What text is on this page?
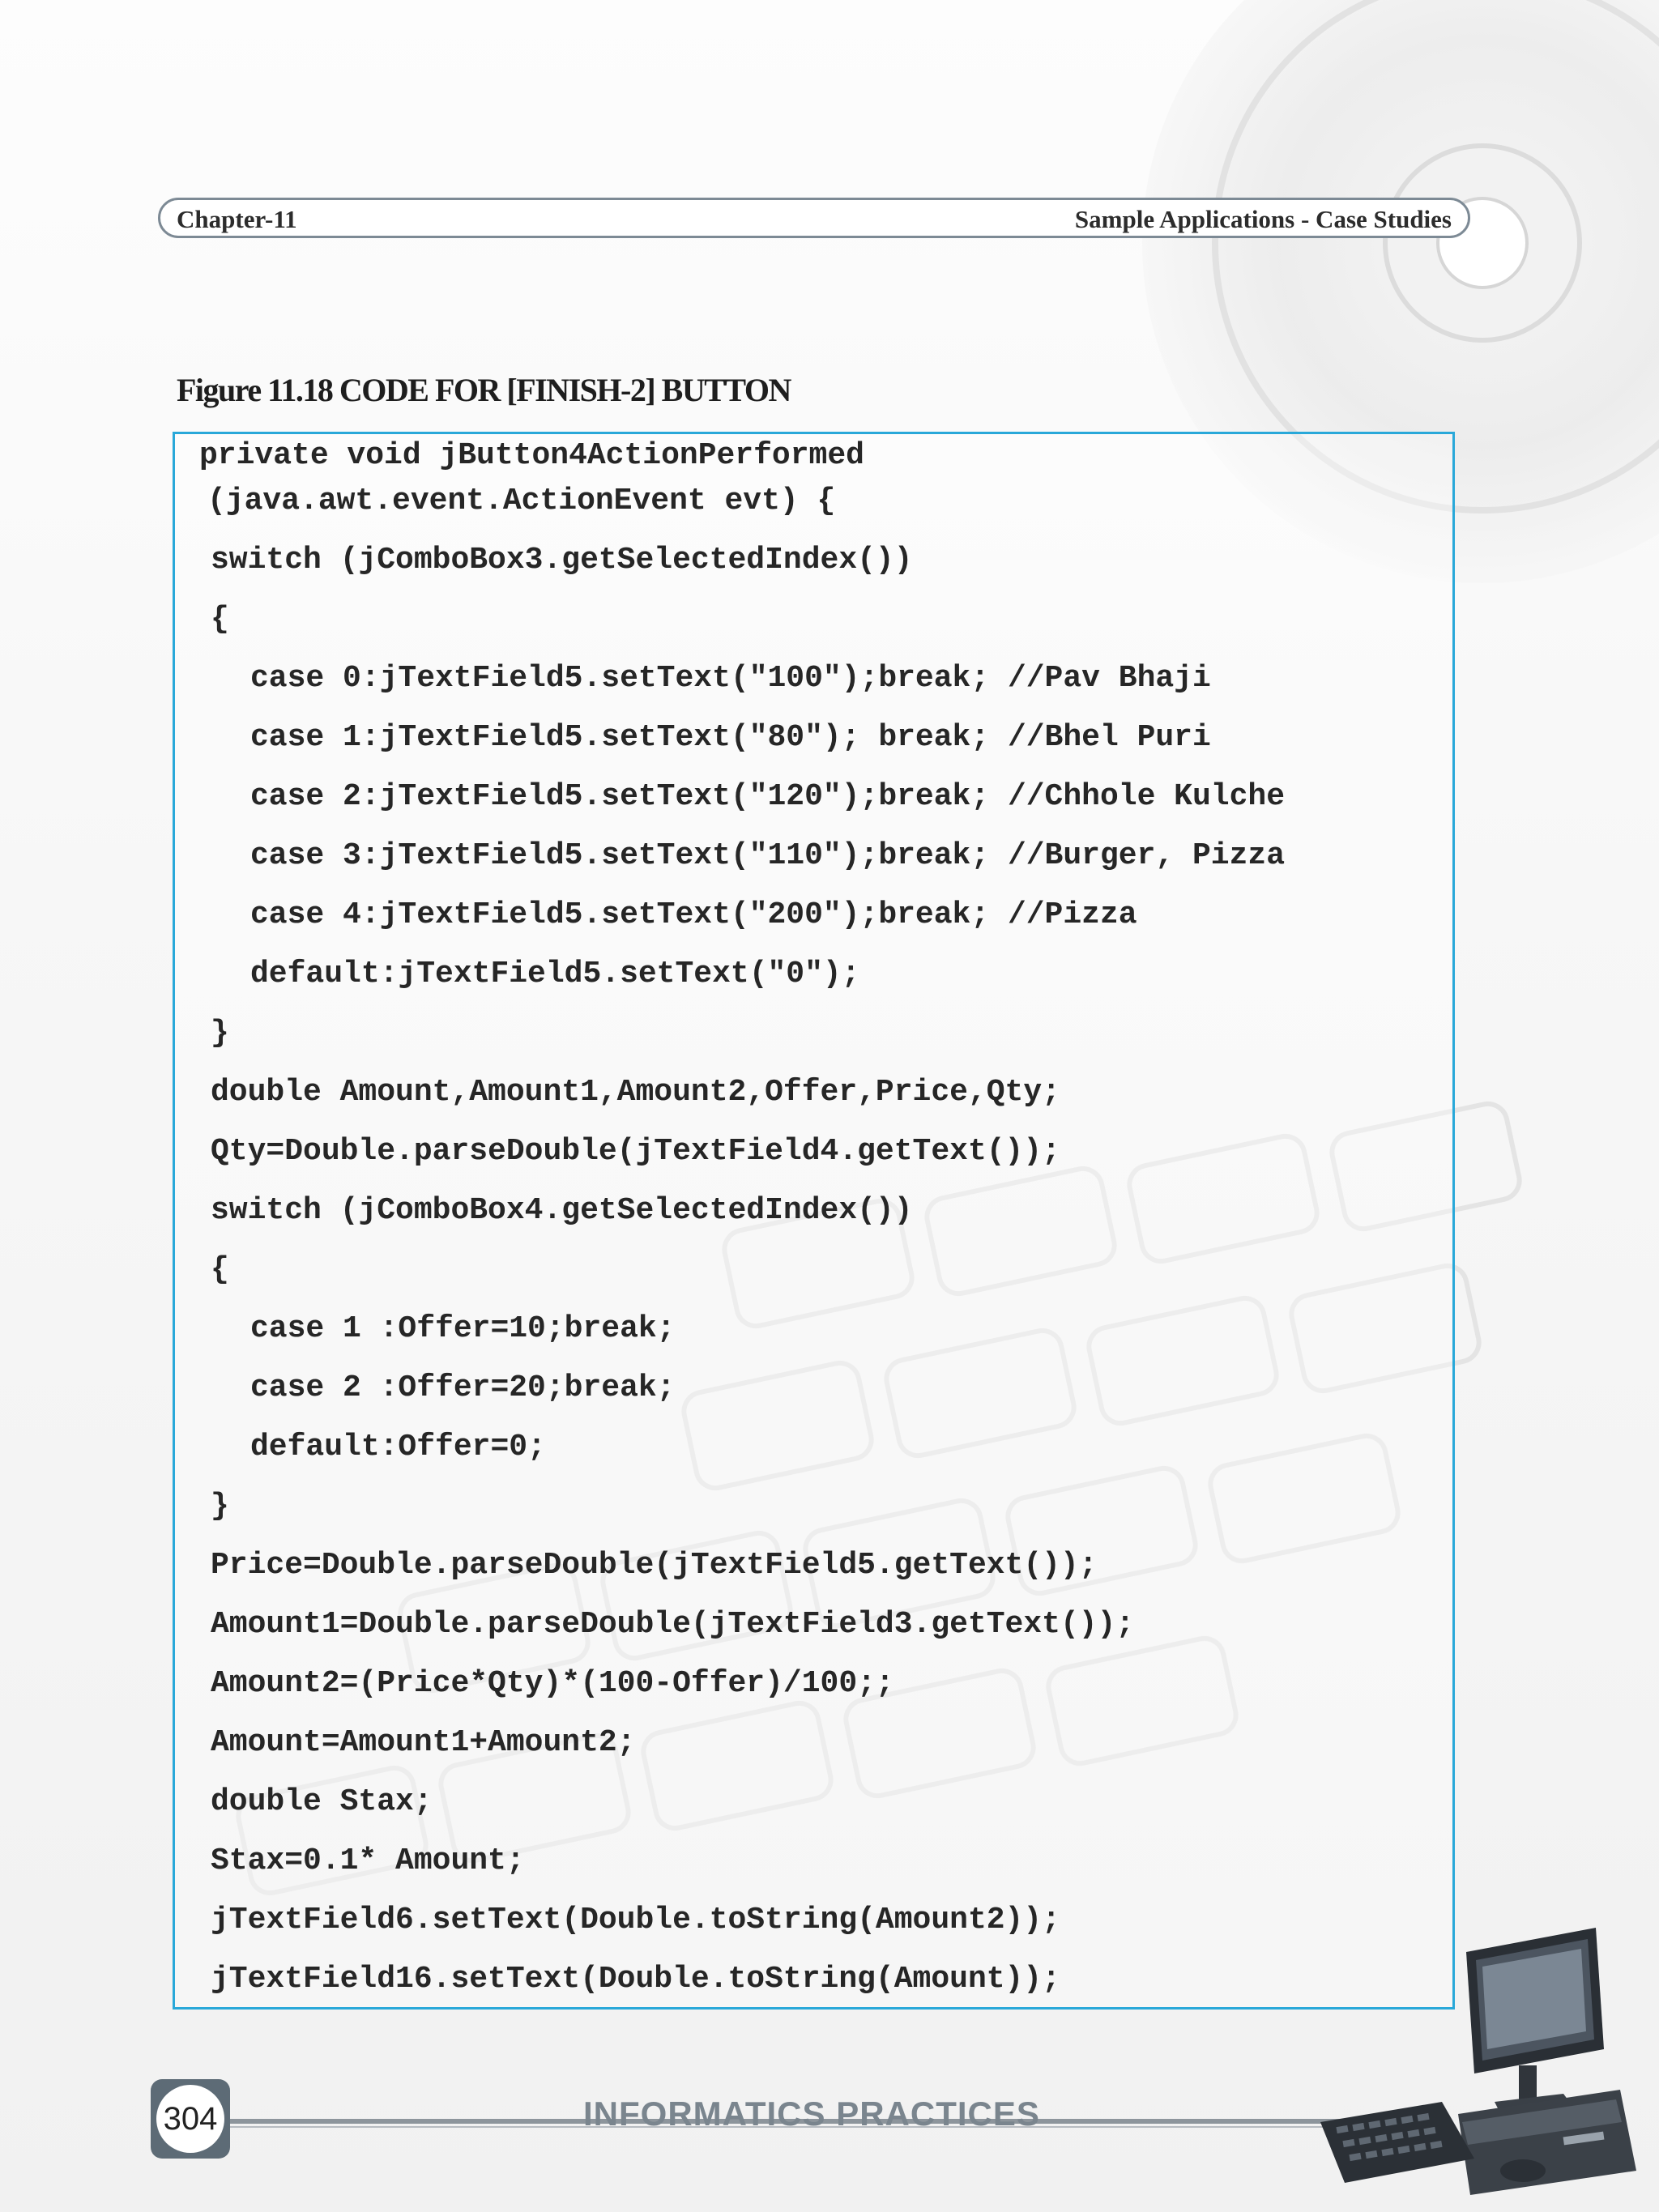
Chapter-11	Sample Applications - Case Studies
Figure 11.18 CODE FOR [FINISH-2] BUTTON
private void jButton4ActionPerformed
(java.awt.event.ActionEvent evt) {
switch (jComboBox3.getSelectedIndex())
{
case 0:jTextField5.setText("100");break; //Pav Bhaji
case 1:jTextField5.setText("80"); break; //Bhel Puri
case 2:jTextField5.setText("120");break; //Chhole Kulche
case 3:jTextField5.setText("110");break; //Burger, Pizza
case 4:jTextField5.setText("200");break; //Pizza
default:jTextField5.setText("0");
}
double Amount,Amount1,Amount2,Offer,Price,Qty;
Qty=Double.parseDouble(jTextField4.getText());
switch (jComboBox4.getSelectedIndex())
{
case 1 :Offer=10;break;
case 2 :Offer=20;break;
default:Offer=0;
}
Price=Double.parseDouble(jTextField5.getText());
Amount1=Double.parseDouble(jTextField3.getText());
Amount2=(Price*Qty)*(100-Offer)/100;;
Amount=Amount1+Amount2;
double Stax;
Stax=0.1* Amount;
jTextField6.setText(Double.toString(Amount2));
jTextField16.setText(Double.toString(Amount));
304	INFORMATICS PRACTICES
